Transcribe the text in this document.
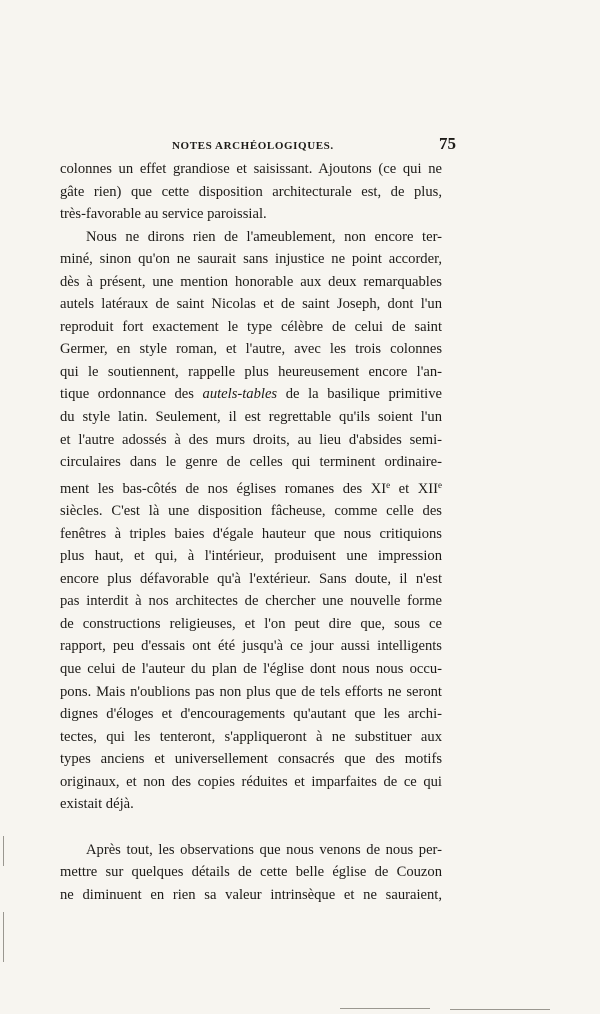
NOTES ARCHÉOLOGIQUES.	75
colonnes un effet grandiose et saisissant. Ajoutons (ce qui ne
gâte rien) que cette disposition architecturale est, de plus,
très-favorable au service paroissial.
Nous ne dirons rien de l'ameublement, non encore ter-
miné, sinon qu'on ne saurait sans injustice ne point accorder,
dès à présent, une mention honorable aux deux remarquables
autels latéraux de saint Nicolas et de saint Joseph, dont l'un
reproduit fort exactement le type célèbre de celui de saint
Germer, en style roman, et l'autre, avec les trois colonnes
qui le soutiennent, rappelle plus heureusement encore l'an-
tique ordonnance des autels-tables de la basilique primitive
du style latin. Seulement, il est regrettable qu'ils soient l'un
et l'autre adossés à des murs droits, au lieu d'absides semi-
circulaires dans le genre de celles qui terminent ordinaire-
ment les bas-côtés de nos églises romanes des XIe et XIIe
siècles. C'est là une disposition fâcheuse, comme celle des
fenêtres à triples baies d'égale hauteur que nous critiquions
plus haut, et qui, à l'intérieur, produisent une impression
encore plus défavorable qu'à l'extérieur. Sans doute, il n'est
pas interdit à nos architectes de chercher une nouvelle forme
de constructions religieuses, et l'on peut dire que, sous ce
rapport, peu d'essais ont été jusqu'à ce jour aussi intelligents
que celui de l'auteur du plan de l'église dont nous nous occu-
pons. Mais n'oublions pas non plus que de tels efforts ne seront
dignes d'éloges et d'encouragements qu'autant que les archi-
tectes, qui les tenteront, s'appliqueront à ne substituer aux
types anciens et universellement consacrés que des motifs
originaux, et non des copies réduites et imparfaites de ce qui
existait déjà.
Après tout, les observations que nous venons de nous per-
mettre sur quelques détails de cette belle église de Couzon
ne diminuent en rien sa valeur intrinsèque et ne sauraient,
